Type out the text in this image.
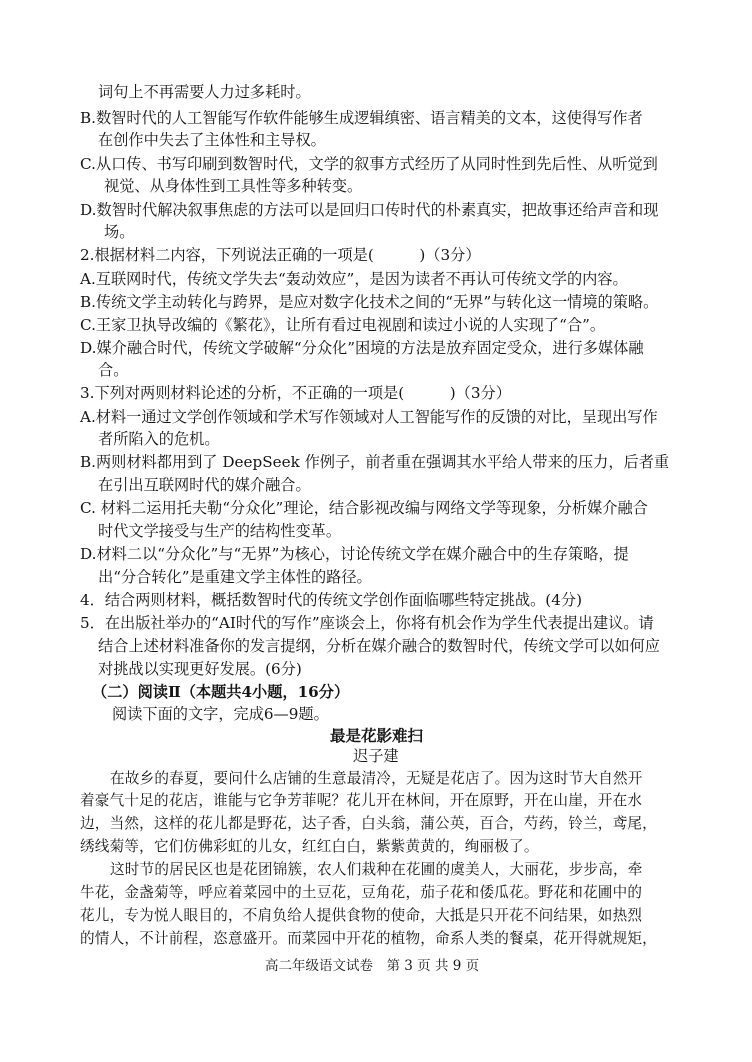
词句上不再需要人力过多耗时。
B.数智时代的人工智能写作软件能够生成逻辑缜密、语言精美的文本，这使得写作者
在创作中失去了主体性和主导权。
C.从口传、书写印刷到数智时代，文学的叙事方式经历了从同时性到先后性、从听觉到
视觉、从身体性到工具性等多种转变。
D.数智时代解决叙事焦虑的方法可以是回归口传时代的朴素真实，把故事还给声音和现
场。
2.根据材料二内容，下列说法正确的一项是(　　　)（3分）
A.互联网时代，传统文学失去“轰动效应”，是因为读者不再认可传统文学的内容。
B.传统文学主动转化与跨界，是应对数字化技术之间的“无界”与转化这一情境的策略。
C.王家卫执导改编的《繁花》，让所有看过电视剧和读过小说的人实现了“合”。
D.媒介融合时代，传统文学破解“分众化”困境的方法是放弃固定受众，进行多媒体融
合。
3.下列对两则材料论述的分析，不正确的一项是(　　　)（3分）
A.材料一通过文学创作领域和学术写作领域对人工智能写作的反馈的对比，呈现出写作
者所陷入的危机。
B.两则材料都用到了 DeepSeek 作例子，前者重在强调其水平给人带来的压力，后者重
在引出互联网时代的媒介融合。
C. 材料二运用托夫勒“分众化”理论，结合影视改编与网络文学等现象，分析媒介融合
时代文学接受与生产的结构性变革。
D.材料二以“分众化”与“无界”为核心，讨论传统文学在媒介融合中的生存策略，提
出“分合转化”是重建文学主体性的路径。
4．结合两则材料，概括数智时代的传统文学创作面临哪些特定挑战。(4分)
5．在出版社举办的“AI时代的写作”座谈会上，你将有机会作为学生代表提出建议。请
结合上述材料准备你的发言提纲，分析在媒介融合的数智时代，传统文学可以如何应
对挑战以实现更好发展。(6分)
（二）阅读Ⅱ（本题共4小题，16分）
阅读下面的文字，完成6—9题。
最是花影难扫
迟子建
在故乡的春夏，要问什么店铺的生意最清冷，无疑是花店了。因为这时节大自然开
着豪气十足的花店，谁能与它争芳菲呢？花儿开在林间，开在原野，开在山崖，开在水
边，当然，这样的花儿都是野花，达子香，白头翁，蒲公英，百合，芍药，铃兰，鸢尾，
绣线菊等，它们仿佛彩虹的儿女，红红白白，紫紫黄黄的，绚丽极了。
这时节的居民区也是花团锦簇，农人们栽种在花圃的虞美人，大丽花，步步高，牵
牛花，金盏菊等，呼应着菜园中的土豆花，豆角花，茄子花和倭瓜花。野花和花圃中的
花儿，专为悦人眼目的，不肩负给人提供食物的使命，大抵是只开花不问结果，如热烈
的情人，不计前程，恣意盛开。而菜园中开花的植物，命系人类的餐桌，花开得就规矩，
高二年级语文试卷　第 3 页 共 9 页
